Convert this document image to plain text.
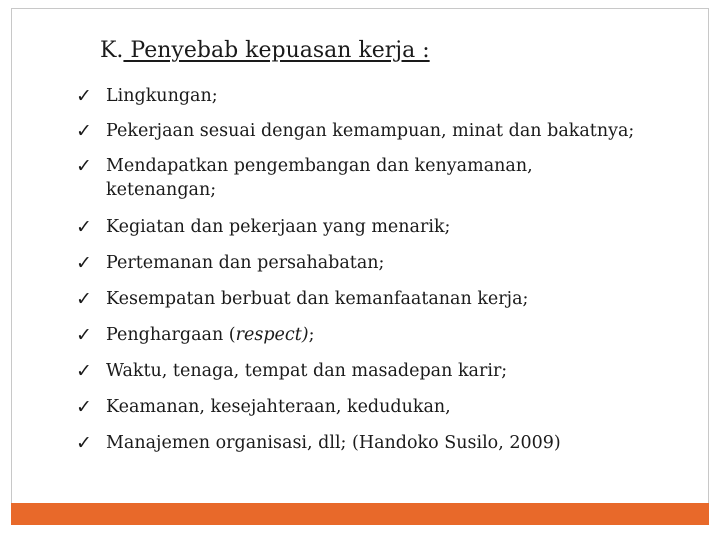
K. Penyebab kepuasan kerja :
✓ Lingkungan;
✓ Pekerjaan sesuai dengan kemampuan, minat dan bakatnya;
✓ Mendapatkan pengembangan dan kenyamanan,
ketenangan;
✓ Kegiatan dan pekerjaan yang menarik;
✓ Pertemanan dan persahabatan;
✓ Kesempatan berbuat dan kemanfaatanan kerja;
✓ Penghargaan (respect);
✓ Waktu, tenaga, tempat dan masadepan karir;
✓ Keamanan, kesejahteraan, kedudukan,
✓ Manajemen organisasi, dll; (Handoko Susilo, 2009)
